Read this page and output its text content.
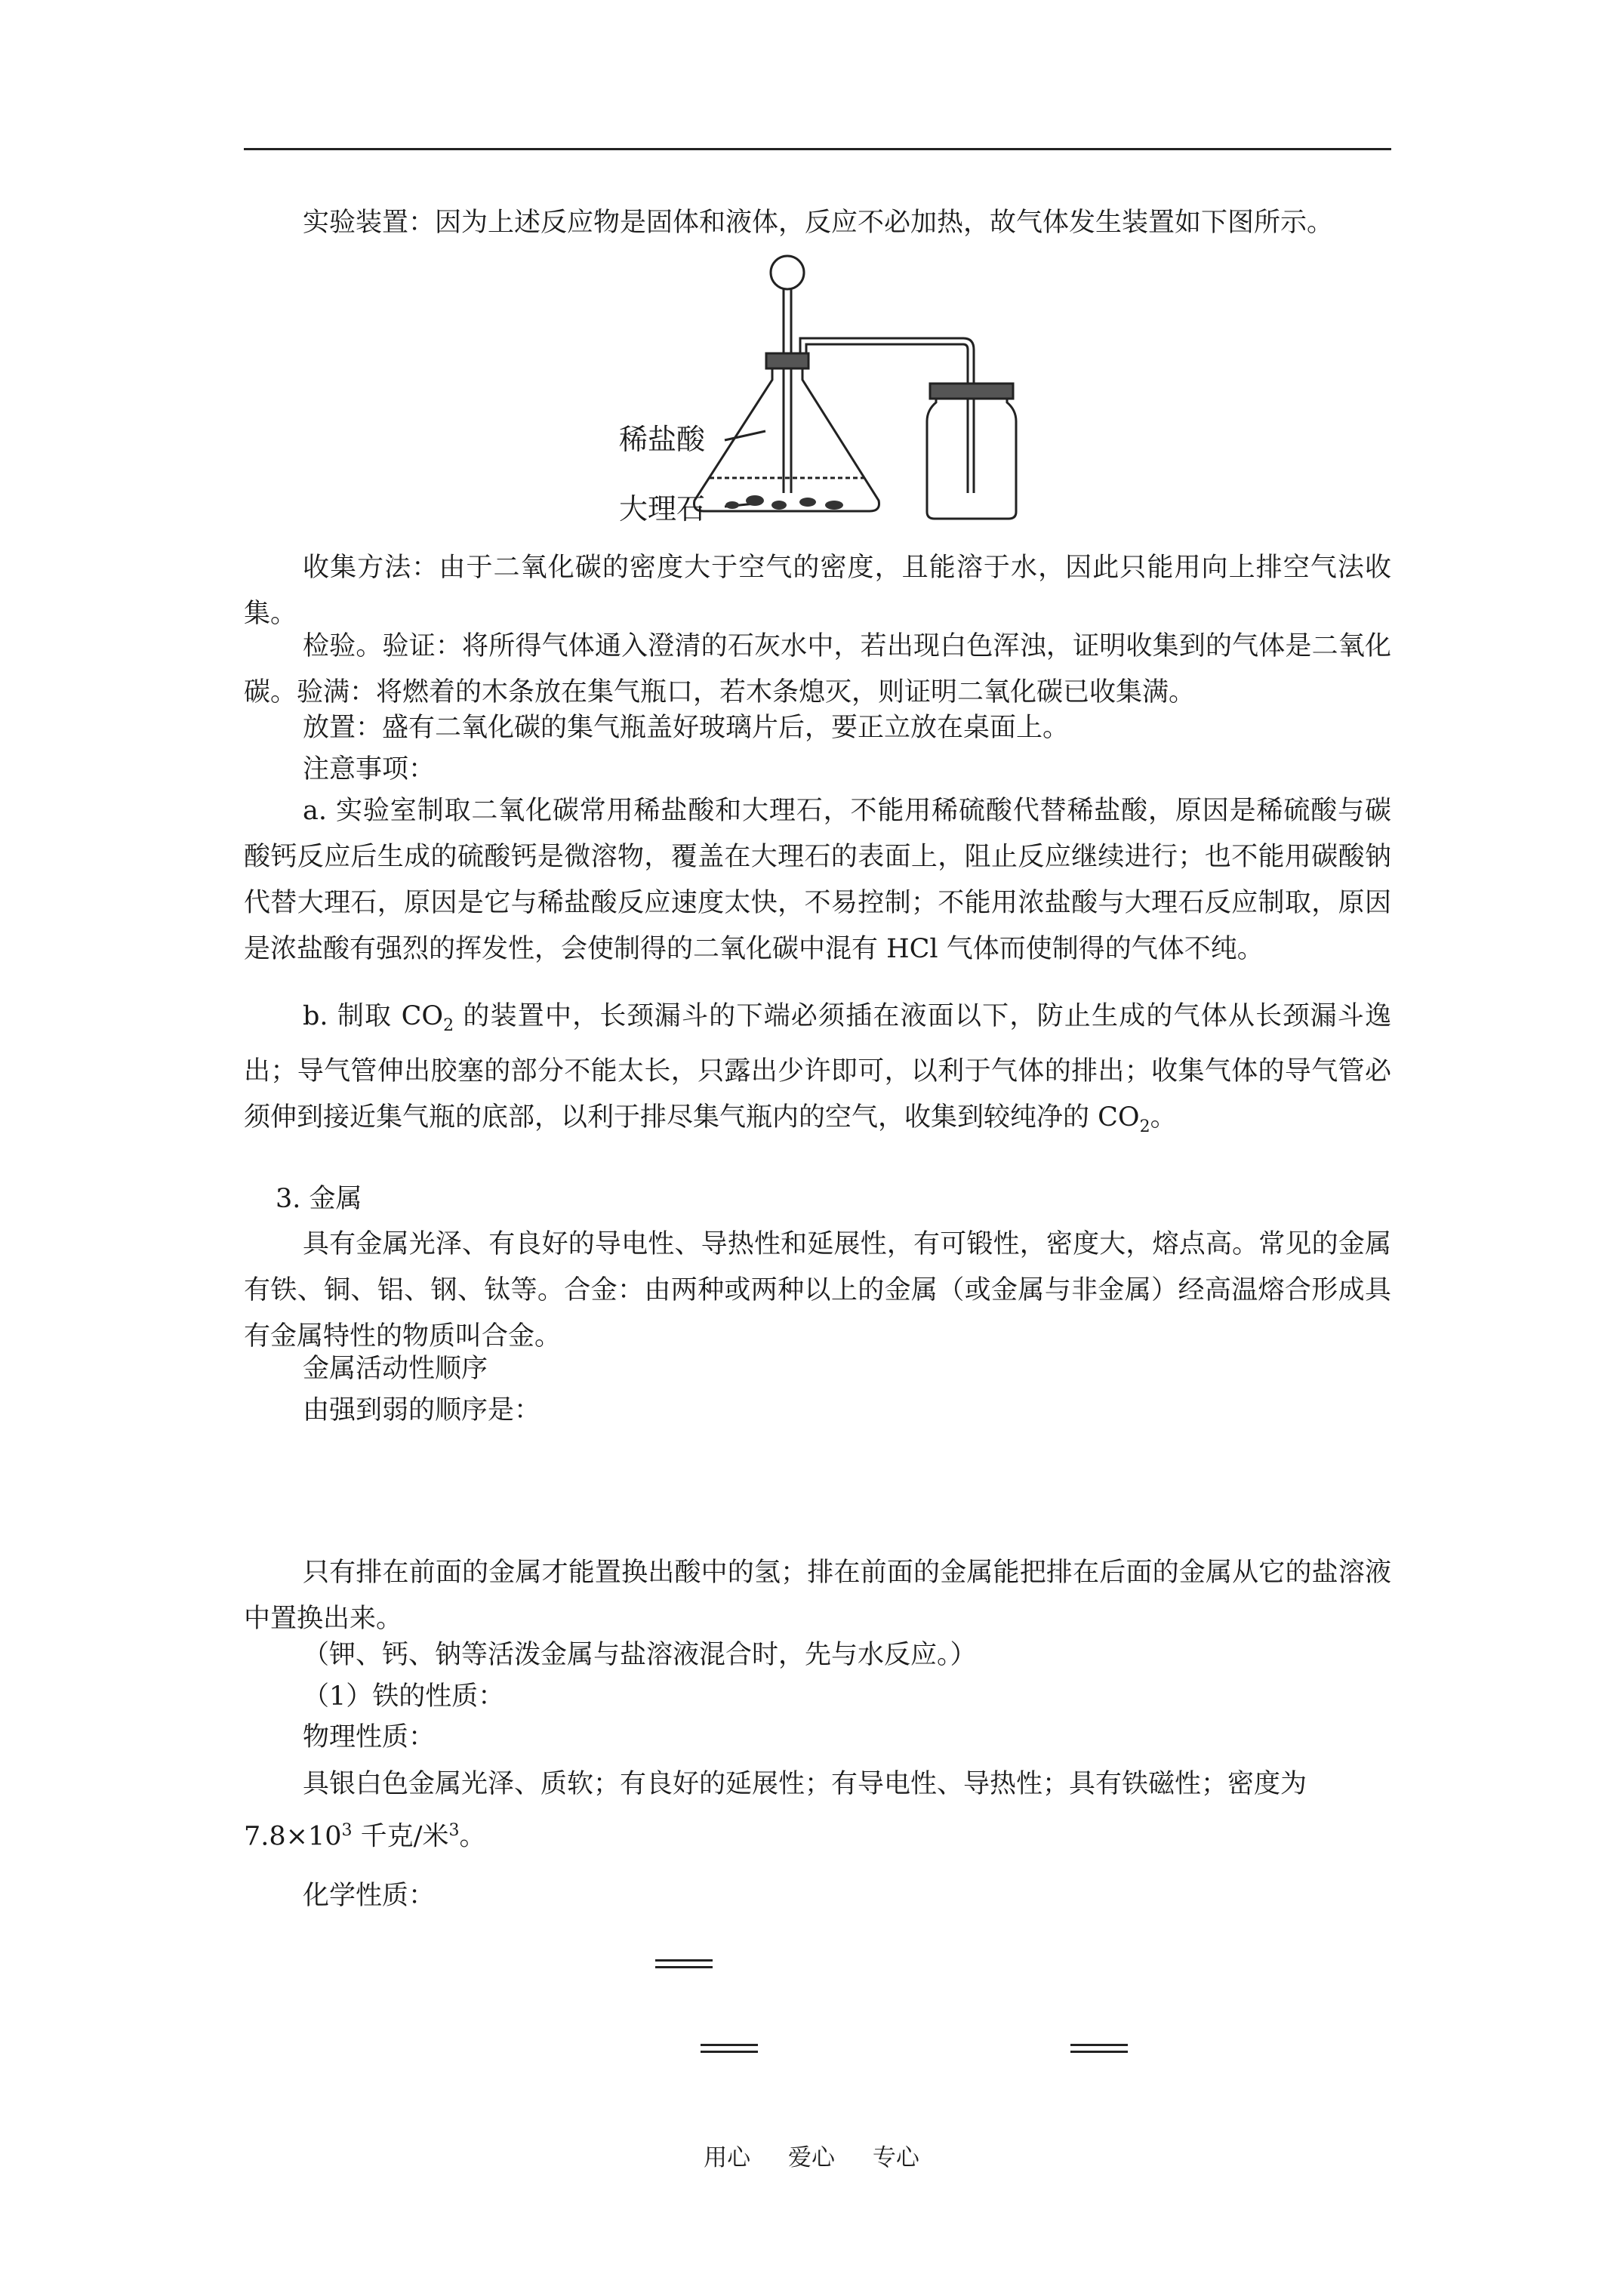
实验装置：因为上述反应物是固体和液体，反应不必加热，故气体发生装置如下图所示。

稀盐酸
大理石

收集方法：由于二氧化碳的密度大于空气的密度，且能溶于水，因此只能用向上排空气法收集。

检验。验证：将所得气体通入澄清的石灰水中，若出现白色浑浊，证明收集到的气体是二氧化碳。验满：将燃着的木条放在集气瓶口，若木条熄灭，则证明二氧化碳已收集满。

放置：盛有二氧化碳的集气瓶盖好玻璃片后，要正立放在桌面上。

注意事项：

a. 实验室制取二氧化碳常用稀盐酸和大理石，不能用稀硫酸代替稀盐酸，原因是稀硫酸与碳酸钙反应后生成的硫酸钙是微溶物，覆盖在大理石的表面上，阻止反应继续进行；也不能用碳酸钠代替大理石，原因是它与稀盐酸反应速度太快，不易控制；不能用浓盐酸与大理石反应制取，原因是浓盐酸有强烈的挥发性，会使制得的二氧化碳中混有 HCl 气体而使制得的气体不纯。

b. 制取 $CO_2$ 的装置中，长颈漏斗的下端必须插在液面以下，防止生成的气体从长颈漏斗逸出；导气管伸出胶塞的部分不能太长，只露出少许即可，以利于气体的排出；收集气体的导气管必须伸到接近集气瓶的底部，以利于排尽集气瓶内的空气，收集到较纯净的 $CO_2$。

3. 金属

具有金属光泽、有良好的导电性、导热性和延展性，有可锻性，密度大，熔点高。常见的金属有铁、铜、铝、钢、钛等。合金：由两种或两种以上的金属（或金属与非金属）经高温熔合形成具有金属特性的物质叫合金。

金属活动性顺序
由强到弱的顺序是：

只有排在前面的金属才能置换出酸中的氢；排在前面的金属能把排在后面的金属从它的盐溶液中置换出来。

（钾、钙、钠等活泼金属与盐溶液混合时，先与水反应。）
（1）铁的性质：
物理性质：

具银白色金属光泽、质软；有良好的延展性；有导电性、导热性；具有铁磁性；密度为
$7.8\times 10^3$ 千克/米$^3$。

化学性质：
用心 爱心 专心
